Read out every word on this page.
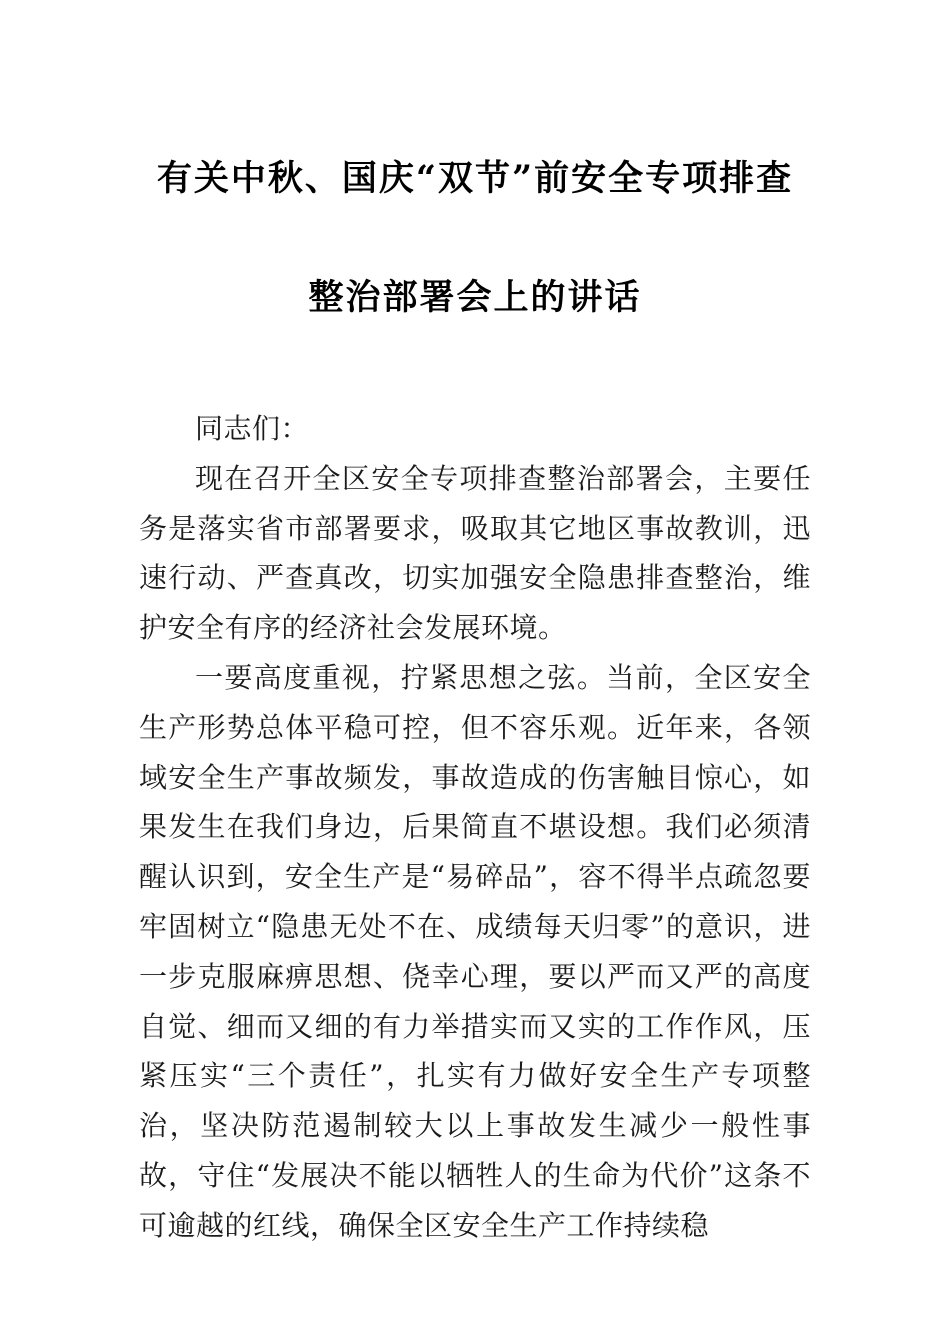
有关中秋、国庆“双节”前安全专项排查
整治部署会上的讲话

同志们：

现在召开全区安全专项排查整治部署会，主要任务是落实省市部署要求，吸取其它地区事故教训，迅速行动、严查真改，切实加强安全隐患排查整治，维护安全有序的经济社会发展环境。

一要高度重视，拧紧思想之弦。当前，全区安全生产形势总体平稳可控，但不容乐观。近年来，各领域安全生产事故频发，事故造成的伤害触目惊心，如果发生在我们身边，后果简直不堪设想。我们必须清醒认识到，安全生产是“易碎品”，容不得半点疏忽要牢固树立“隐患无处不在、成绩每天归零”的意识，进一步克服麻痹思想、侥幸心理，要以严而又严的高度自觉、细而又细的有力举措实而又实的工作作风，压紧压实“三个责任”，扎实有力做好安全生产专项整治，坚决防范遏制较大以上事故发生减少一般性事故，守住“发展决不能以牺牲人的生命为代价”这条不可逾越的红线，确保全区安全生产工作持续稳
